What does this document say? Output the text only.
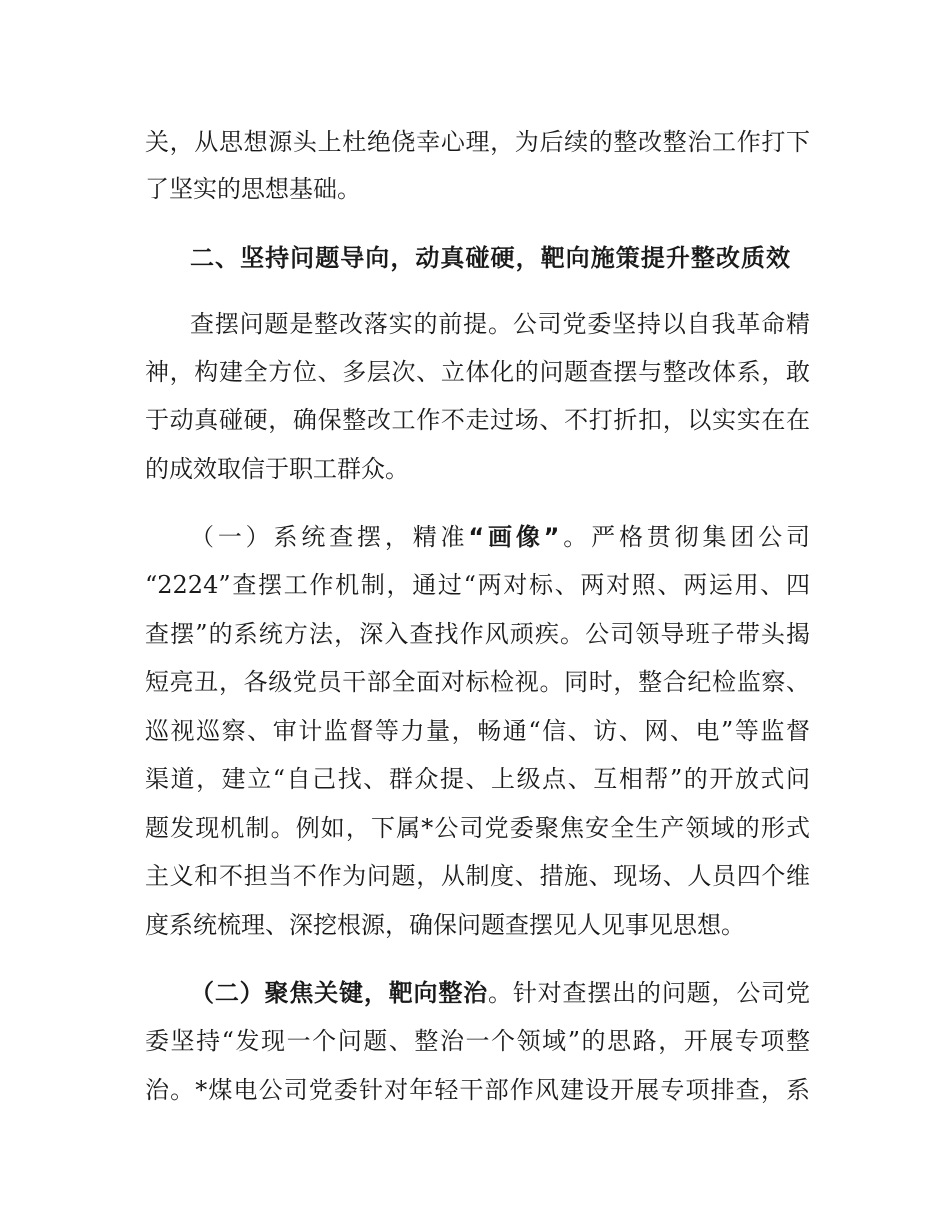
关，从思想源头上杜绝侥幸心理，为后续的整改整治工作打下
了坚实的思想基础。
二、坚持问题导向，动真碰硬，靶向施策提升整改质效
查摆问题是整改落实的前提。公司党委坚持以自我革命精
神，构建全方位、多层次、立体化的问题查摆与整改体系，敢
于动真碰硬，确保整改工作不走过场、不打折扣，以实实在在
的成效取信于职工群众。
（一）系统查摆，精准“画像”。严格贯彻集团公司
“2224”查摆工作机制，通过“两对标、两对照、两运用、四
查摆”的系统方法，深入查找作风顽疾。公司领导班子带头揭
短亮丑，各级党员干部全面对标检视。同时，整合纪检监察、
巡视巡察、审计监督等力量，畅通“信、访、网、电”等监督
渠道，建立“自己找、群众提、上级点、互相帮”的开放式问
题发现机制。例如，下属*公司党委聚焦安全生产领域的形式
主义和不担当不作为问题，从制度、措施、现场、人员四个维
度系统梳理、深挖根源，确保问题查摆见人见事见思想。
（二）聚焦关键，靶向整治。针对查摆出的问题，公司党
委坚持“发现一个问题、整治一个领域”的思路，开展专项整
治。*煤电公司党委针对年轻干部作风建设开展专项排查，系
